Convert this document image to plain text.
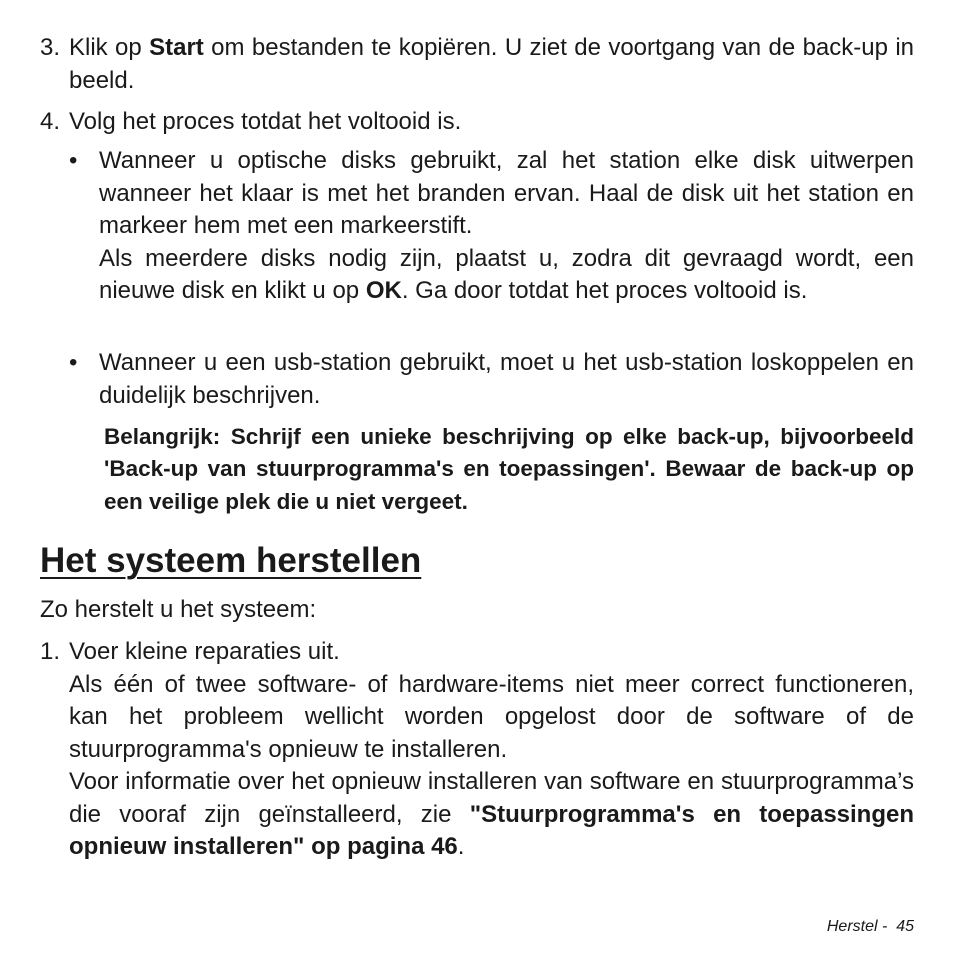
3. Klik op Start om bestanden te kopiëren. U ziet de voortgang van de back-up in beeld.

4. Volg het proces totdat het voltooid is.

• Wanneer u optische disks gebruikt, zal het station elke disk uitwerpen wanneer het klaar is met het branden ervan. Haal de disk uit het station en markeer hem met een markeerstift.

Als meerdere disks nodig zijn, plaatst u, zodra dit gevraagd wordt, een nieuwe disk en klikt u op OK. Ga door totdat het proces voltooid is.

• Wanneer u een usb-station gebruikt, moet u het usb-station loskoppelen en duidelijk beschrijven.

Belangrijk: Schrijf een unieke beschrijving op elke back-up, bijvoorbeeld 'Back-up van stuurprogramma's en toepassingen'. Bewaar de back-up op een veilige plek die u niet vergeet.

Het systeem herstellen

Zo herstelt u het systeem:

1. Voer kleine reparaties uit.

Als één of twee software- of hardware-items niet meer correct functioneren, kan het probleem wellicht worden opgelost door de software of de stuurprogramma's opnieuw te installeren.

Voor informatie over het opnieuw installeren van software en stuurprogramma’s die vooraf zijn geïnstalleerd, zie "Stuurprogramma's en toepassingen opnieuw installeren" op pagina 46.

Herstel - 45
